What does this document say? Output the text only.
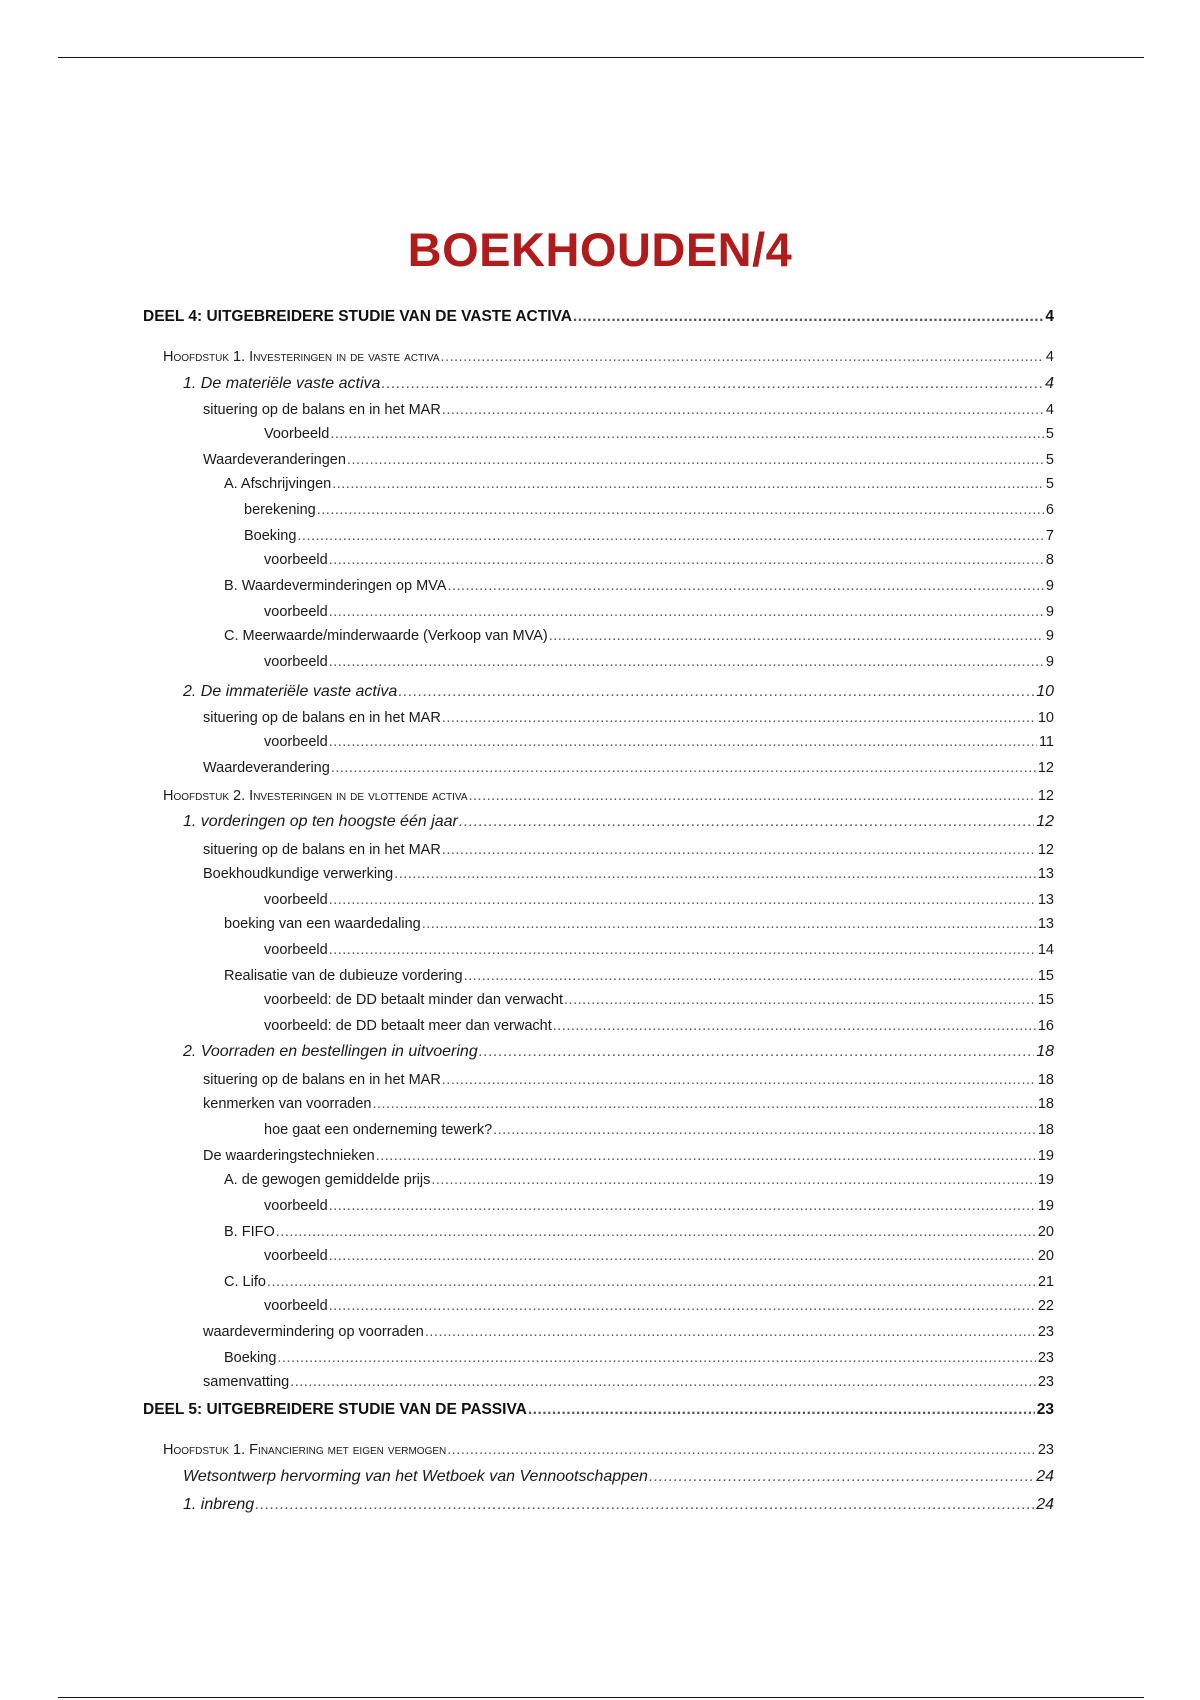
BOEKHOUDEN/4
DEEL 4: UITGEBREIDERE STUDIE VAN DE VASTE ACTIVA .....	4
Hoofdstuk 1. Investeringen in de vaste activa .....	4
1. De materiële vaste activa .....	4
situering op de balans en in het MAR .....	4
Voorbeeld .....	5
Waardeveranderingen .....	5
A. Afschrijvingen .....	5
berekening .....	6
Boeking .....	7
voorbeeld .....	8
B. Waardeverminderingen op MVA .....	9
voorbeeld .....	9
C. Meerwaarde/minderwaarde (Verkoop van MVA) .....	9
voorbeeld .....	9
2. De immateriële vaste activa .....	10
situering op de balans en in het MAR .....	10
voorbeeld .....	11
Waardeverandering .....	12
Hoofdstuk 2. Investeringen in de vlottende activa .....	12
1. vorderingen op ten hoogste één jaar .....	12
situering op de balans en in het MAR .....	12
Boekhoudkundige verwerking .....	13
voorbeeld .....	13
boeking van een waardedaling .....	13
voorbeeld .....	14
Realisatie van de dubieuze vordering .....	15
voorbeeld: de DD betaalt minder dan verwacht .....	15
voorbeeld: de DD betaalt meer dan verwacht .....	16
2. Voorraden en bestellingen in uitvoering .....	18
situering op de balans en in het MAR .....	18
kenmerken van voorraden .....	18
hoe gaat een onderneming tewerk? .....	18
De waarderingstechnieken .....	19
A. de gewogen gemiddelde prijs .....	19
voorbeeld .....	19
B. FIFO .....	20
voorbeeld .....	20
C. Lifo .....	21
voorbeeld .....	22
waardevermindering op voorraden .....	23
Boeking .....	23
samenvatting .....	23
DEEL 5: UITGEBREIDERE STUDIE VAN DE PASSIVA .....	23
Hoofdstuk 1. Financiering met eigen vermogen .....	23
Wetsontwerp hervorming van het Wetboek van Vennootschappen .....	24
1. inbreng .....	24
